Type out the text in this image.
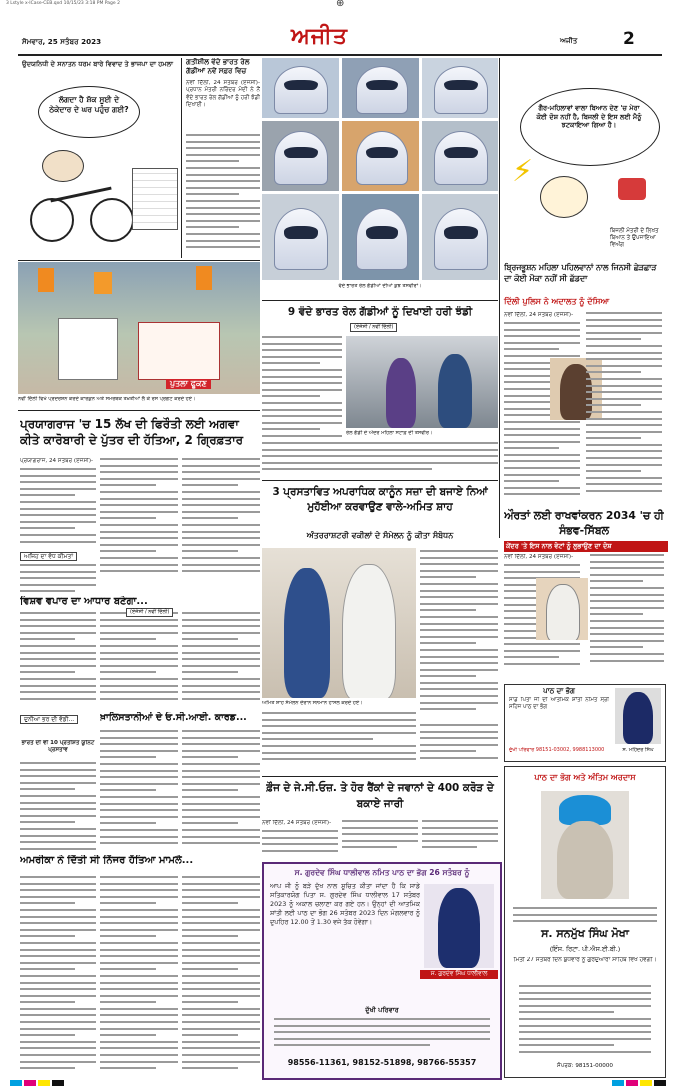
3 Lstyle x-ICase-CEB.qxd 10/15/23 3:18 PM Page 2	⊕
ਸੋਮਵਾਰ, 25 ਸਤੰਬਰ 2023	ਅਜੀਤ	ਅਜੀਤ	2
ਉਦਯਨਿਧੀ ਦੇ ਸਨਾਤਨ ਧਰਮ ਬਾਰੇ ਵਿਵਾਦ ਤੇ ਭਾਜਪਾ ਦਾ ਹਮਲਾ
ਲੱਗਦਾ ਹੈ ਸ਼ੱਕ ਸੂਈ ਦੇ ਠੇਕੇਦਾਰ ਦੇ ਘਰ ਪਹੁੰਚ ਗਈ?
ਗਤੀਸ਼ੀਲ ਵੰਦੇ ਭਾਰਤ ਰੇਲ ਗੱਡੀਆਂ ਨਵੇਂ ਸਫ਼ਰ ਵਿਚ
ਨਵੀਂ ਦਿੱਲੀ, 24 ਸਤੰਬਰ (ਏਜੰਸੀ)-ਪ੍ਰਧਾਨ ਮੰਤਰੀ ਨਰਿੰਦਰ ਮੋਦੀ ਨੇ ਨੌਂ ਵੰਦੇ ਭਾਰਤ ਰੇਲ ਗੱਡੀਆਂ ਨੂੰ ਹਰੀ ਝੰਡੀ ਦਿਖਾਈ।
ਵੰਦੇ ਭਾਰਤ ਰੇਲ ਗੱਡੀਆਂ ਦੀਆਂ ਕੁਝ ਤਸਵੀਰਾਂ।
ਗੈਰ-ਮਹਿਲਾਵਾਂ ਵਾਲਾ ਬਿਆਨ ਦੇਣ 'ਚ ਮੇਰਾ ਕੋਈ ਦੋਸ਼ ਨਹੀਂ ਹੈ, ਬਿਜਲੀ ਦੇ ਇਸ ਲਈ ਮੈਨੂੰ ਝਟਕਾਇਆ ਗਿਆ ਹੈ।
⚡
ਬਿਜਲੀ ਮੰਤਰੀ ਦੇ ਲਿਖਤ ਬਿਆਨ ਤੇ ਉਪਜਾਇਆ ਵਿਅੰਗ
ਪੁਤਲਾ ਫੂਕਣ
ਨਵੀਂ ਦਿੱਲੀ ਵਿਖੇ ਪ੍ਰਦਰਸ਼ਨ ਕਰਦੇ ਕਾਰਕੁਨ ਅਤੇ ਸਮਰਥਕ ਤਖ਼ਤੀਆਂ ਲੈ ਕੇ ਰੋਸ ਪ੍ਰਗਟ ਕਰਦੇ ਹੋਏ।
9 ਵੰਦੇ ਭਾਰਤ ਰੇਲ ਗੱਡੀਆਂ ਨੂੰ ਦਿਖਾਈ ਹਰੀ ਝੰਡੀ
(ਏਜੰਸੀ / ਨਵੀਂ ਦਿੱਲੀ)
ਰੇਲ ਗੱਡੀ ਦੇ ਅੰਦਰ ਮਹਿਲਾ ਸਟਾਫ਼ ਦੀ ਤਸਵੀਰ।
ਬ੍ਰਿਜਭੂਸ਼ਨ ਮਹਿਲਾ ਪਹਿਲਵਾਨਾਂ ਨਾਲ ਜਿਨਸੀ ਛੇੜਛਾੜ ਦਾ ਕੋਈ ਮੌਕਾ ਨਹੀਂ ਸੀ ਛੱਡਦਾ
ਦਿੱਲੀ ਪੁਲਿਸ ਨੇ ਅਦਾਲਤ ਨੂੰ ਦੱਸਿਆ
ਨਵੀਂ ਦਿੱਲੀ, 24 ਸਤੰਬਰ (ਏਜੰਸੀ)-
ਪ੍ਰਯਾਗਰਾਜ 'ਚ 15 ਲੱਖ ਦੀ ਫਿਰੌਤੀ ਲਈ ਅਗਵਾ ਕੀਤੇ ਕਾਰੋਬਾਰੀ ਦੇ ਪੁੱਤਰ ਦੀ ਹੱਤਿਆ, 2 ਗ੍ਰਿਫ਼ਤਾਰ
ਪ੍ਰਯਾਗਰਾਜ, 24 ਸਤੰਬਰ (ਏਜੰਸੀ)-
ਅਜਿਹ ਦਾ ਵੱਧ ਕੀਮਤਾਂ
ਵਿਸ਼ਵ ਵਪਾਰ ਦਾ ਆਧਾਰ ਬਣੇਗਾ...
(ਏਜੰਸੀ / ਨਵੀਂ ਦਿੱਲੀ)
ਖ਼ਾਲਿਸਤਾਨੀਆਂ ਦੇ ਓ.ਸੀ.ਆਈ. ਕਾਰਡ...
ਦੁਨੀਆ ਭਰ ਦੀ ਵੱਡੀ...
ਭਾਰਤ ਦੀ ਵੀ 10 ਪ੍ਰਤੀਸ਼ਤ ਯੂਨਿਟ ਪ੍ਰਸਤਾਵ
ਅਮਰੀਕਾ ਨੇ ਦਿੱਤੀ ਸੀ ਨਿੱਜਰ ਹੱਤਿਆ ਮਾਮਲੇ...
3 ਪ੍ਰਸਤਾਵਿਤ ਅਪਰਾਧਿਕ ਕਾਨੂੰਨ ਸਜ਼ਾ ਦੀ ਬਜਾਏ ਨਿਆਂ ਮੁਹੱਈਆ ਕਰਵਾਉਣ ਵਾਲੇ-ਅਮਿਤ ਸ਼ਾਹ
ਅੰਤਰਰਾਸ਼ਟਰੀ ਵਕੀਲਾਂ ਦੇ ਸੰਮੇਲਨ ਨੂੰ ਕੀਤਾ ਸੰਬੋਧਨ
ਅਮਿਤ ਸ਼ਾਹ ਸੰਮੇਲਨ ਦੌਰਾਨ ਸਨਮਾਨ ਹਾਸਲ ਕਰਦੇ ਹੋਏ।
ਔਰਤਾਂ ਲਈ ਰਾਖਵਾਂਕਰਨ 2034 'ਚ ਹੀ ਸੰਭਵ-ਸਿੱਬਲ
ਕੇਂਦਰ 'ਤੇ ਇਸ ਨਾਲ ਵੋਟਾਂ ਨੂੰ ਲੁਭਾਉਣ ਦਾ ਦੋਸ਼
ਨਵੀਂ ਦਿੱਲੀ, 24 ਸਤੰਬਰ (ਏਜੰਸੀ)-
ਪਾਠ ਦਾ ਭੋਗ
ਸਾਡੇ ਪਿਤਾ ਜੀ ਦੀ ਆਤਮਿਕ ਸ਼ਾਂਤੀ ਨਮਿਤ ਸ੍ਰੀ ਸਹਿਜ ਪਾਠ ਦਾ ਭੋਗ
ਸ. ਮਹਿੰਦਰ ਸਿੰਘ
ਦੁੱਖੀ ਪਰਿਵਾਰ 98151-03002, 9988113000
ਫ਼ੌਜ ਦੇ ਜੇ.ਸੀ.ਓਜ਼. ਤੇ ਹੋਰ ਰੈਂਕਾਂ ਦੇ ਜਵਾਨਾਂ ਦੇ 400 ਕਰੋੜ ਦੇ ਬਕਾਏ ਜਾਰੀ
ਨਵੀਂ ਦਿੱਲੀ, 24 ਸਤੰਬਰ (ਏਜੰਸੀ)-
ਸ. ਗੁਰਦੇਵ ਸਿੰਘ ਧਾਲੀਵਾਲ ਨਮਿਤ ਪਾਠ ਦਾ ਭੋਗ 26 ਸਤੰਬਰ ਨੂੰ
ਆਪ ਜੀ ਨੂੰ ਬੜੇ ਦੁੱਖ ਨਾਲ ਸੂਚਿਤ ਕੀਤਾ ਜਾਂਦਾ ਹੈ ਕਿ ਸਾਡੇ ਸਤਿਕਾਰਯੋਗ ਪਿਤਾ ਸ. ਗੁਰਦੇਵ ਸਿੰਘ ਧਾਲੀਵਾਲ 17 ਸਤੰਬਰ 2023 ਨੂੰ ਅਕਾਲ ਚਲਾਣਾ ਕਰ ਗਏ ਹਨ। ਉਨ੍ਹਾਂ ਦੀ ਆਤਮਿਕ ਸ਼ਾਂਤੀ ਲਈ ਪਾਠ ਦਾ ਭੋਗ 26 ਸਤੰਬਰ 2023 ਦਿਨ ਮੰਗਲਵਾਰ ਨੂੰ ਦੁਪਹਿਰ 12.00 ਤੋਂ 1.30 ਵਜੇ ਤੱਕ ਹੋਵੇਗਾ।
ਸ. ਗੁਰਦੇਵ ਸਿੰਘ ਧਾਲੀਵਾਲ
ਦੁੱਖੀ ਪਰਿਵਾਰ
98556-11361, 98152-51898, 98766-55357
ਪਾਠ ਦਾ ਭੋਗ ਅਤੇ ਅੰਤਿਮ ਅਰਦਾਸ
ਸ. ਸਨਮੁੱਖ ਸਿੰਘ ਮੋਖਾ
(ਇੰਸ. ਰਿਟਾ. ਪੀ.ਐਸ.ਈ.ਬੀ.)
ਮਿਤੀ 27 ਸਤੰਬਰ ਦਿਨ ਬੁੱਧਵਾਰ ਨੂੰ ਗੁਰਦੁਆਰਾ ਸਾਹਿਬ ਵਿਖੇ ਹੋਵੇਗੀ।
ਸੰਪਰਕ: 98151-00000
